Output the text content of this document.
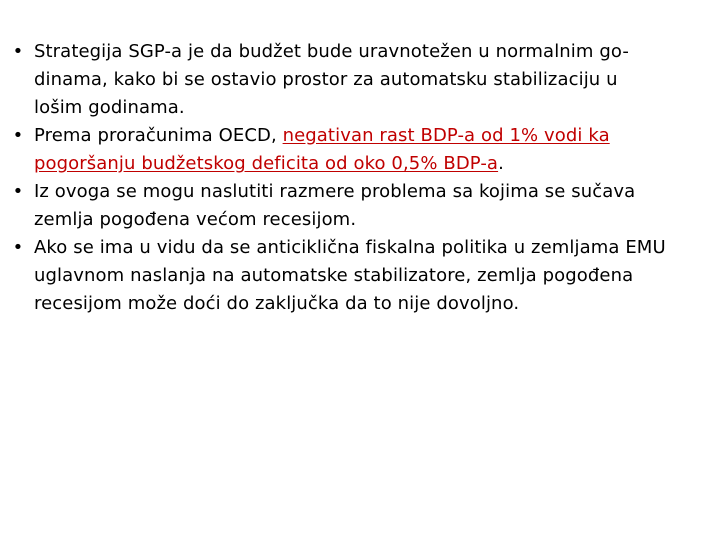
• Strategija SGP-a je da budžet bude uravnotežen u normalnim go-dinama, kako bi se ostavio prostor za automatsku stabilizaciju u lošim godinama.
• Prema proračunima OECD, negativan rast BDP-a od 1% vodi ka pogoršanju budžetskog deficita od oko 0,5% BDP-a.
• Iz ovoga se mogu naslutiti razmere problema sa kojima se sučava zemlja pogođena većom recesijom.
• Ako se ima u vidu da se anticiklična fiskalna politika u zemljama EMU uglavnom naslanja na automatske stabilizatore, zemlja pogođena recesijom može doći do zaključka da to nije dovoljno.
